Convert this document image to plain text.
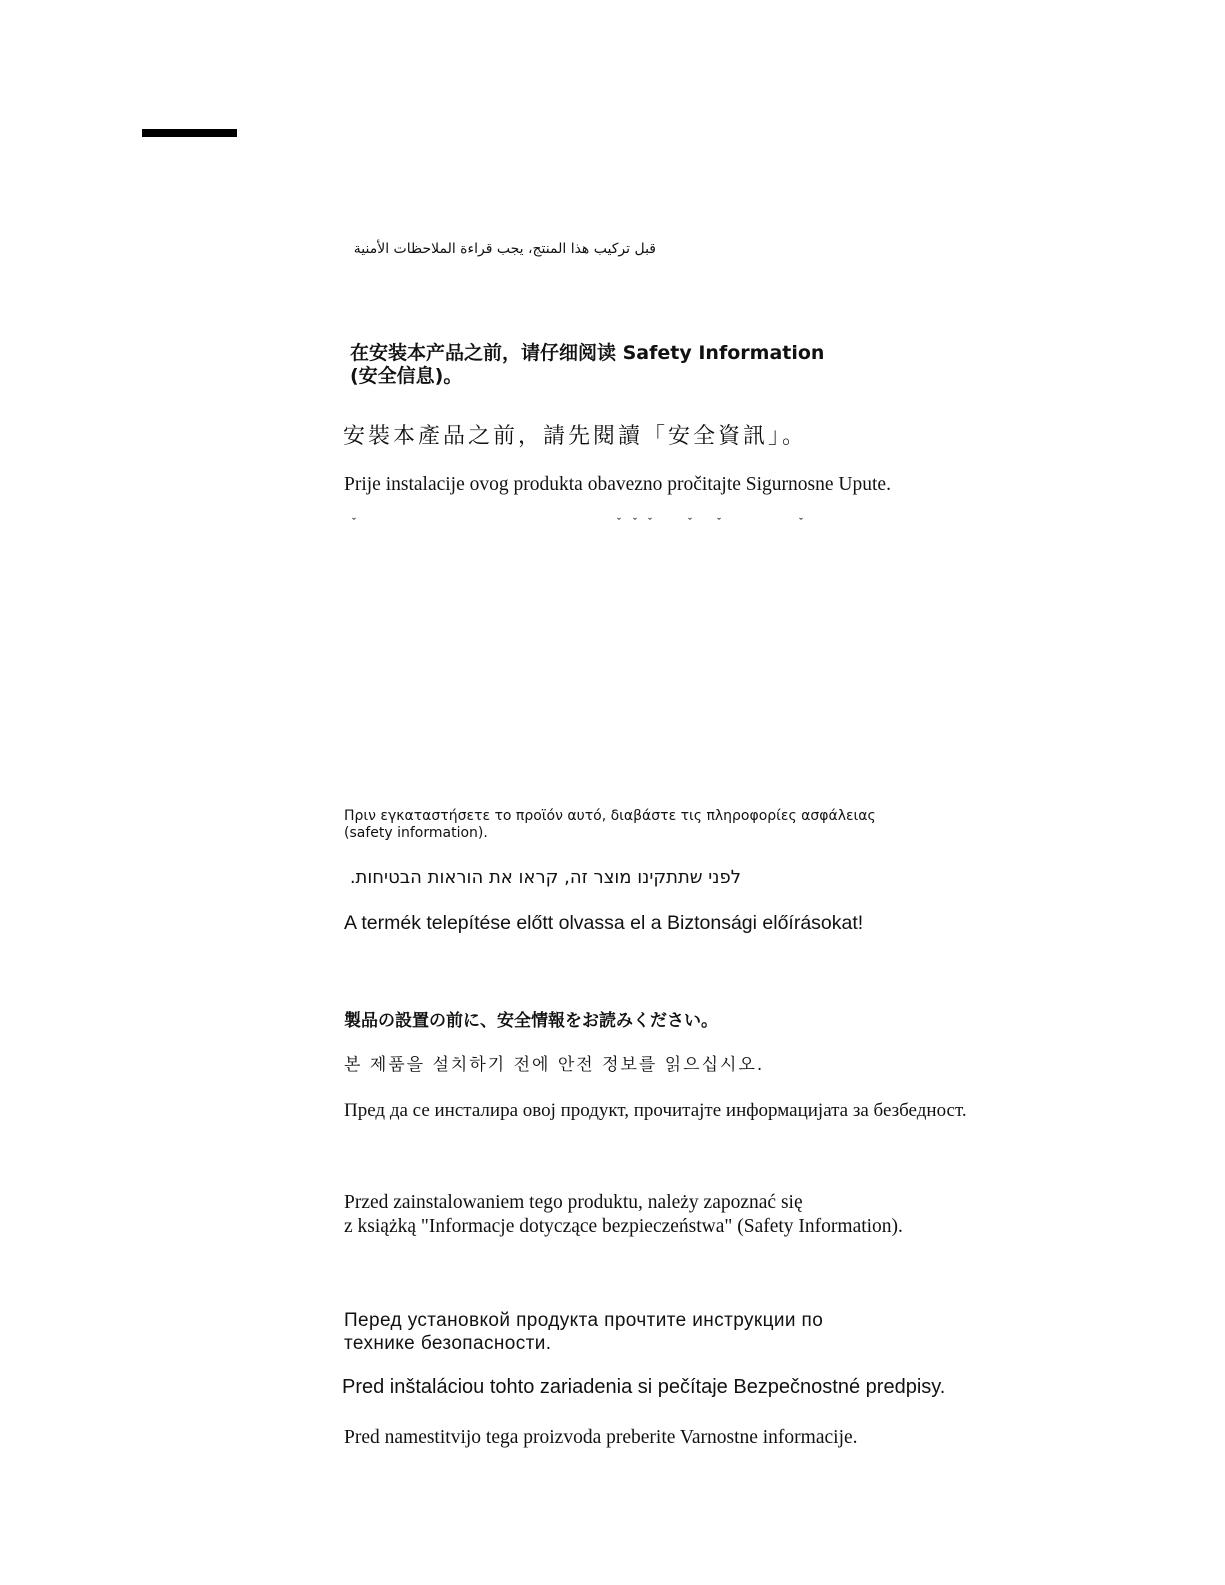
قبل تركيب هذا المنتج، يجب قراءة الملاحظات الأمنية

在安装本产品之前，请仔细阅读 Safety Information
(安全信息)。

安裝本產品之前，請先閱讀「安全資訊」。

Prije instalacije ovog produkta obavezno pročitajte Sigurnosne Upute.

ˇ	ˇ ˇ ˇ	ˇ ˇ	ˇ

Πριν εγκαταστήσετε το προϊόν αυτό, διαβάστε τις πληροφορίες ασφάλειας
(safety information).

לפני שתתקינו מוצר זה, קראו את הוראות הבטיחות.

A termék telepítése előtt olvassa el a Biztonsági előírásokat!

製品の設置の前に、安全情報をお読みください。

본 제품을 설치하기 전에 안전 정보를 읽으십시오.

Пред да се инсталира овој продукт, прочитајте информацијата за безбедност.

Przed zainstalowaniem tego produktu, należy zapoznać się
z książką "Informacje dotyczące bezpieczeństwa" (Safety Information).

Перед установкой продукта прочтите инструкции по
технике безопасности.

Pred inštaláciou tohto zariadenia si pečítaje Bezpečnostné predpisy.

Pred namestitvijo tega proizvoda preberite Varnostne informacije.
